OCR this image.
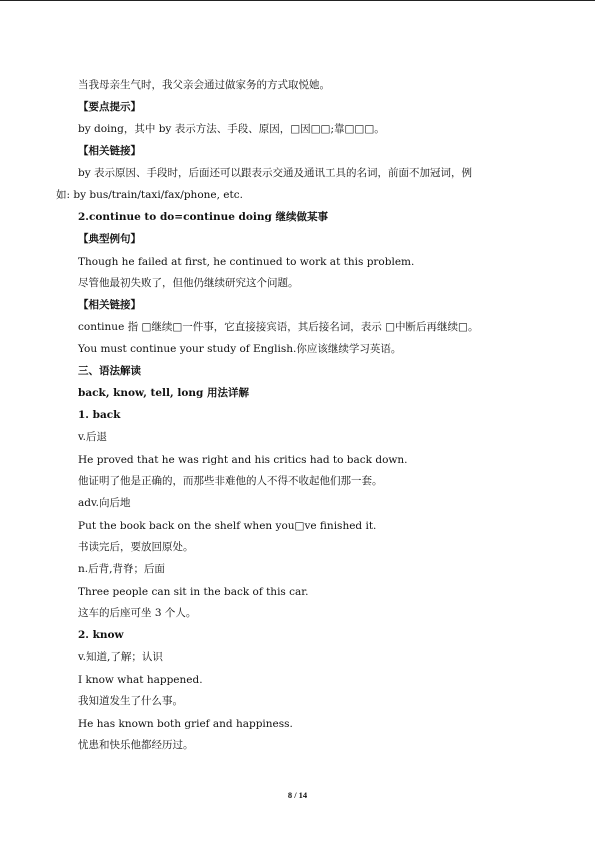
当我母亲生气时，我父亲会通过做家务的方式取悦她。
【要点提示】
by doing，其中 by 表示方法、手段、原因，□因□□;靠□□□。
【相关链接】
by 表示原因、手段时，后面还可以跟表示交通及通讯工具的名词，前面不加冠词，例
如: by bus/train/taxi/fax/phone, etc.
2.continue to do=continue doing 继续做某事
【典型例句】
Though he failed at first, he continued to work at this problem.
尽管他最初失败了，但他仍继续研究这个问题。
【相关链接】
continue 指 □继续□一件事，它直接接宾语，其后接名词，表示 □中断后再继续□。
You must continue your study of English.你应该继续学习英语。
三、语法解读
back, know, tell, long 用法详解
1. back
v.后退
He proved that he was right and his critics had to back down.
他证明了他是正确的，而那些非难他的人不得不收起他们那一套。
adv.向后地
Put the book back on the shelf when you□ve finished it.
书读完后，要放回原处。
n.后背,背脊；后面
Three people can sit in the back of this car.
这车的后座可坐 3 个人。
2. know
v.知道,了解；认识
I know what happened.
我知道发生了什么事。
He has known both grief and happiness.
忧患和快乐他都经历过。
8 / 14
